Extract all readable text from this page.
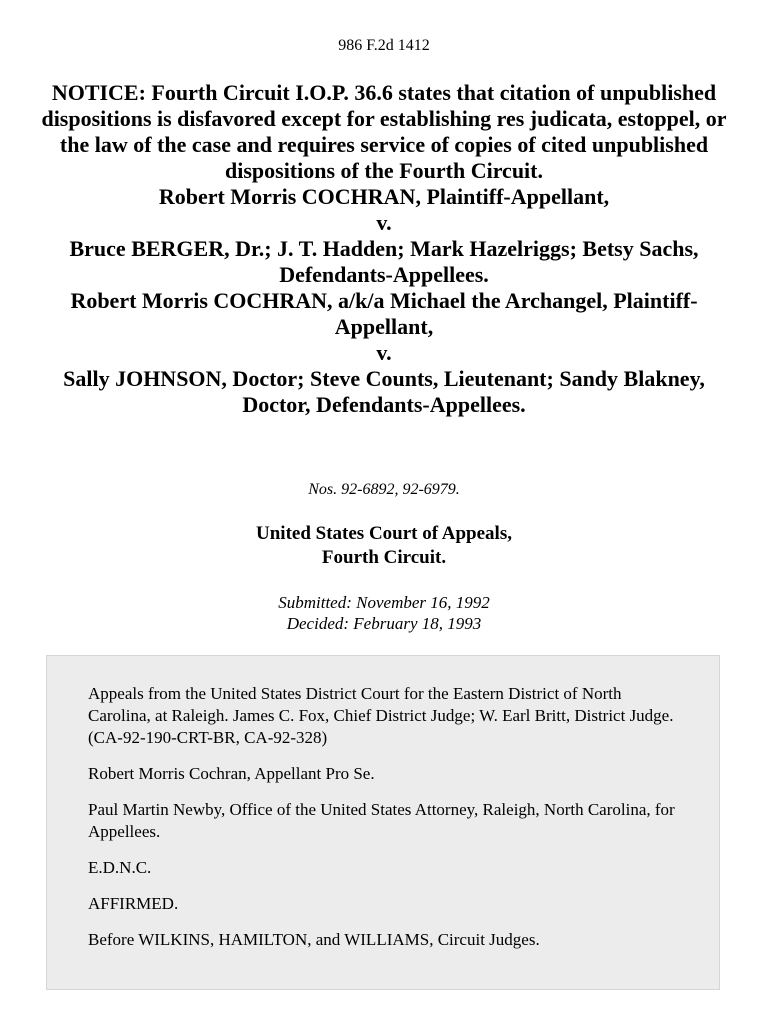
986 F.2d 1412

NOTICE: Fourth Circuit I.O.P. 36.6 states that citation of unpublished dispositions is disfavored except for establishing res judicata, estoppel, or the law of the case and requires service of copies of cited unpublished dispositions of the Fourth Circuit.

Robert Morris COCHRAN, Plaintiff-Appellant,

v.

Bruce BERGER, Dr.; J. T. Hadden; Mark Hazelriggs; Betsy Sachs, Defendants-Appellees.

Robert Morris COCHRAN, a/k/a Michael the Archangel, Plaintiff-Appellant,

v.

Sally JOHNSON, Doctor; Steve Counts, Lieutenant; Sandy Blakney, Doctor, Defendants-Appellees.

Nos. 92-6892, 92-6979.

United States Court of Appeals,

Fourth Circuit.

Submitted: November 16, 1992

Decided: February 18, 1993

Appeals from the United States District Court for the Eastern District of North Carolina, at Raleigh. James C. Fox, Chief District Judge; W. Earl Britt, District Judge. (CA-92-190-CRT-BR, CA-92-328)

Robert Morris Cochran, Appellant Pro Se.

Paul Martin Newby, Office of the United States Attorney, Raleigh, North Carolina, for Appellees.

E.D.N.C.

AFFIRMED.

Before WILKINS, HAMILTON, and WILLIAMS, Circuit Judges.
